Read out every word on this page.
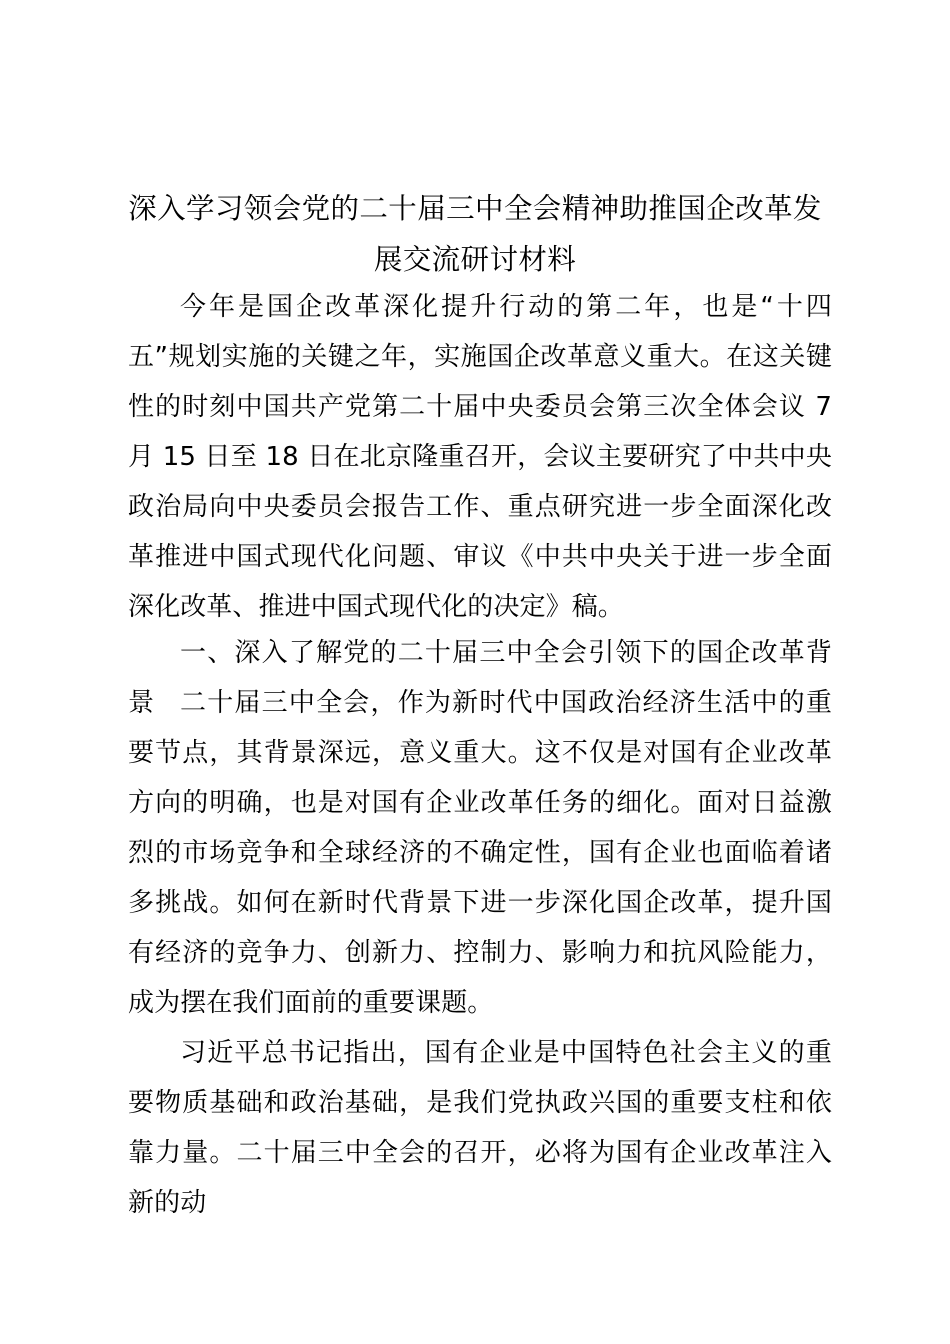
深入学习领会党的二十届三中全会精神助推国企改革发
展交流研讨材料

今年是国企改革深化提升行动的第二年，也是“十四五”规划实施的关键之年，实施国企改革意义重大。在这关键性的时刻中国共产党第二十届中央委员会第三次全体会议 7 月 15 日至 18 日在北京隆重召开，会议主要研究了中共中央政治局向中央委员会报告工作、重点研究进一步全面深化改革推进中国式现代化问题、审议《中共中央关于进一步全面深化改革、推进中国式现代化的决定》稿。

一、深入了解党的二十届三中全会引领下的国企改革背景 二十届三中全会，作为新时代中国政治经济生活中的重要节点，其背景深远，意义重大。这不仅是对国有企业改革方向的明确，也是对国有企业改革任务的细化。面对日益激烈的市场竞争和全球经济的不确定性，国有企业也面临着诸多挑战。如何在新时代背景下进一步深化国企改革，提升国有经济的竞争力、创新力、控制力、影响力和抗风险能力，成为摆在我们面前的重要课题。

习近平总书记指出，国有企业是中国特色社会主义的重要物质基础和政治基础，是我们党执政兴国的重要支柱和依靠力量。二十届三中全会的召开，必将为国有企业改革注入新的动
